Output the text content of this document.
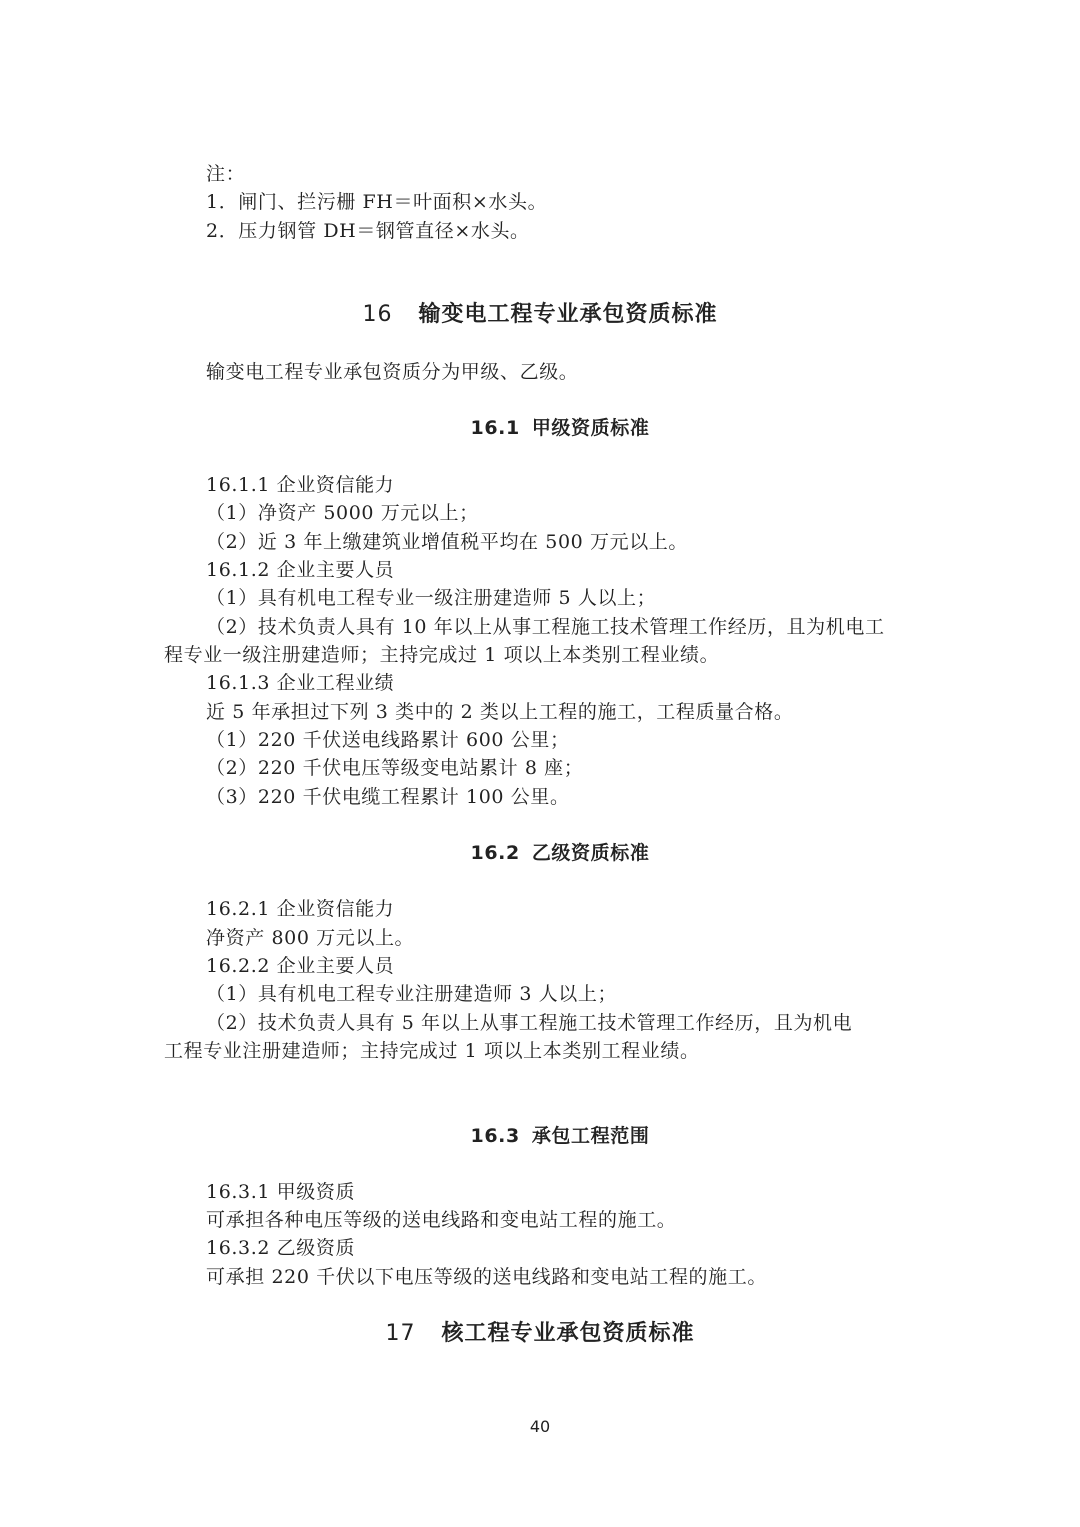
注：
1．闸门、拦污栅 FH＝叶面积×水头。
2．压力钢管 DH＝钢管直径×水头。
16 输变电工程专业承包资质标准
输变电工程专业承包资质分为甲级、乙级。
16.1 甲级资质标准
16.1.1 企业资信能力
（1）净资产 5000 万元以上；
（2）近 3 年上缴建筑业增值税平均在 500 万元以上。
16.1.2 企业主要人员
（1）具有机电工程专业一级注册建造师 5 人以上；
（2）技术负责人具有 10 年以上从事工程施工技术管理工作经历，且为机电工
程专业一级注册建造师；主持完成过 1 项以上本类别工程业绩。
16.1.3 企业工程业绩
近 5 年承担过下列 3 类中的 2 类以上工程的施工，工程质量合格。
（1）220 千伏送电线路累计 600 公里；
（2）220 千伏电压等级变电站累计 8 座；
（3）220 千伏电缆工程累计 100 公里。
16.2 乙级资质标准
16.2.1 企业资信能力
净资产 800 万元以上。
16.2.2 企业主要人员
（1）具有机电工程专业注册建造师 3 人以上；
（2）技术负责人具有 5 年以上从事工程施工技术管理工作经历，且为机电
工程专业注册建造师；主持完成过 1 项以上本类别工程业绩。
16.3 承包工程范围
16.3.1 甲级资质
可承担各种电压等级的送电线路和变电站工程的施工。
16.3.2 乙级资质
可承担 220 千伏以下电压等级的送电线路和变电站工程的施工。
17 核工程专业承包资质标准
40
